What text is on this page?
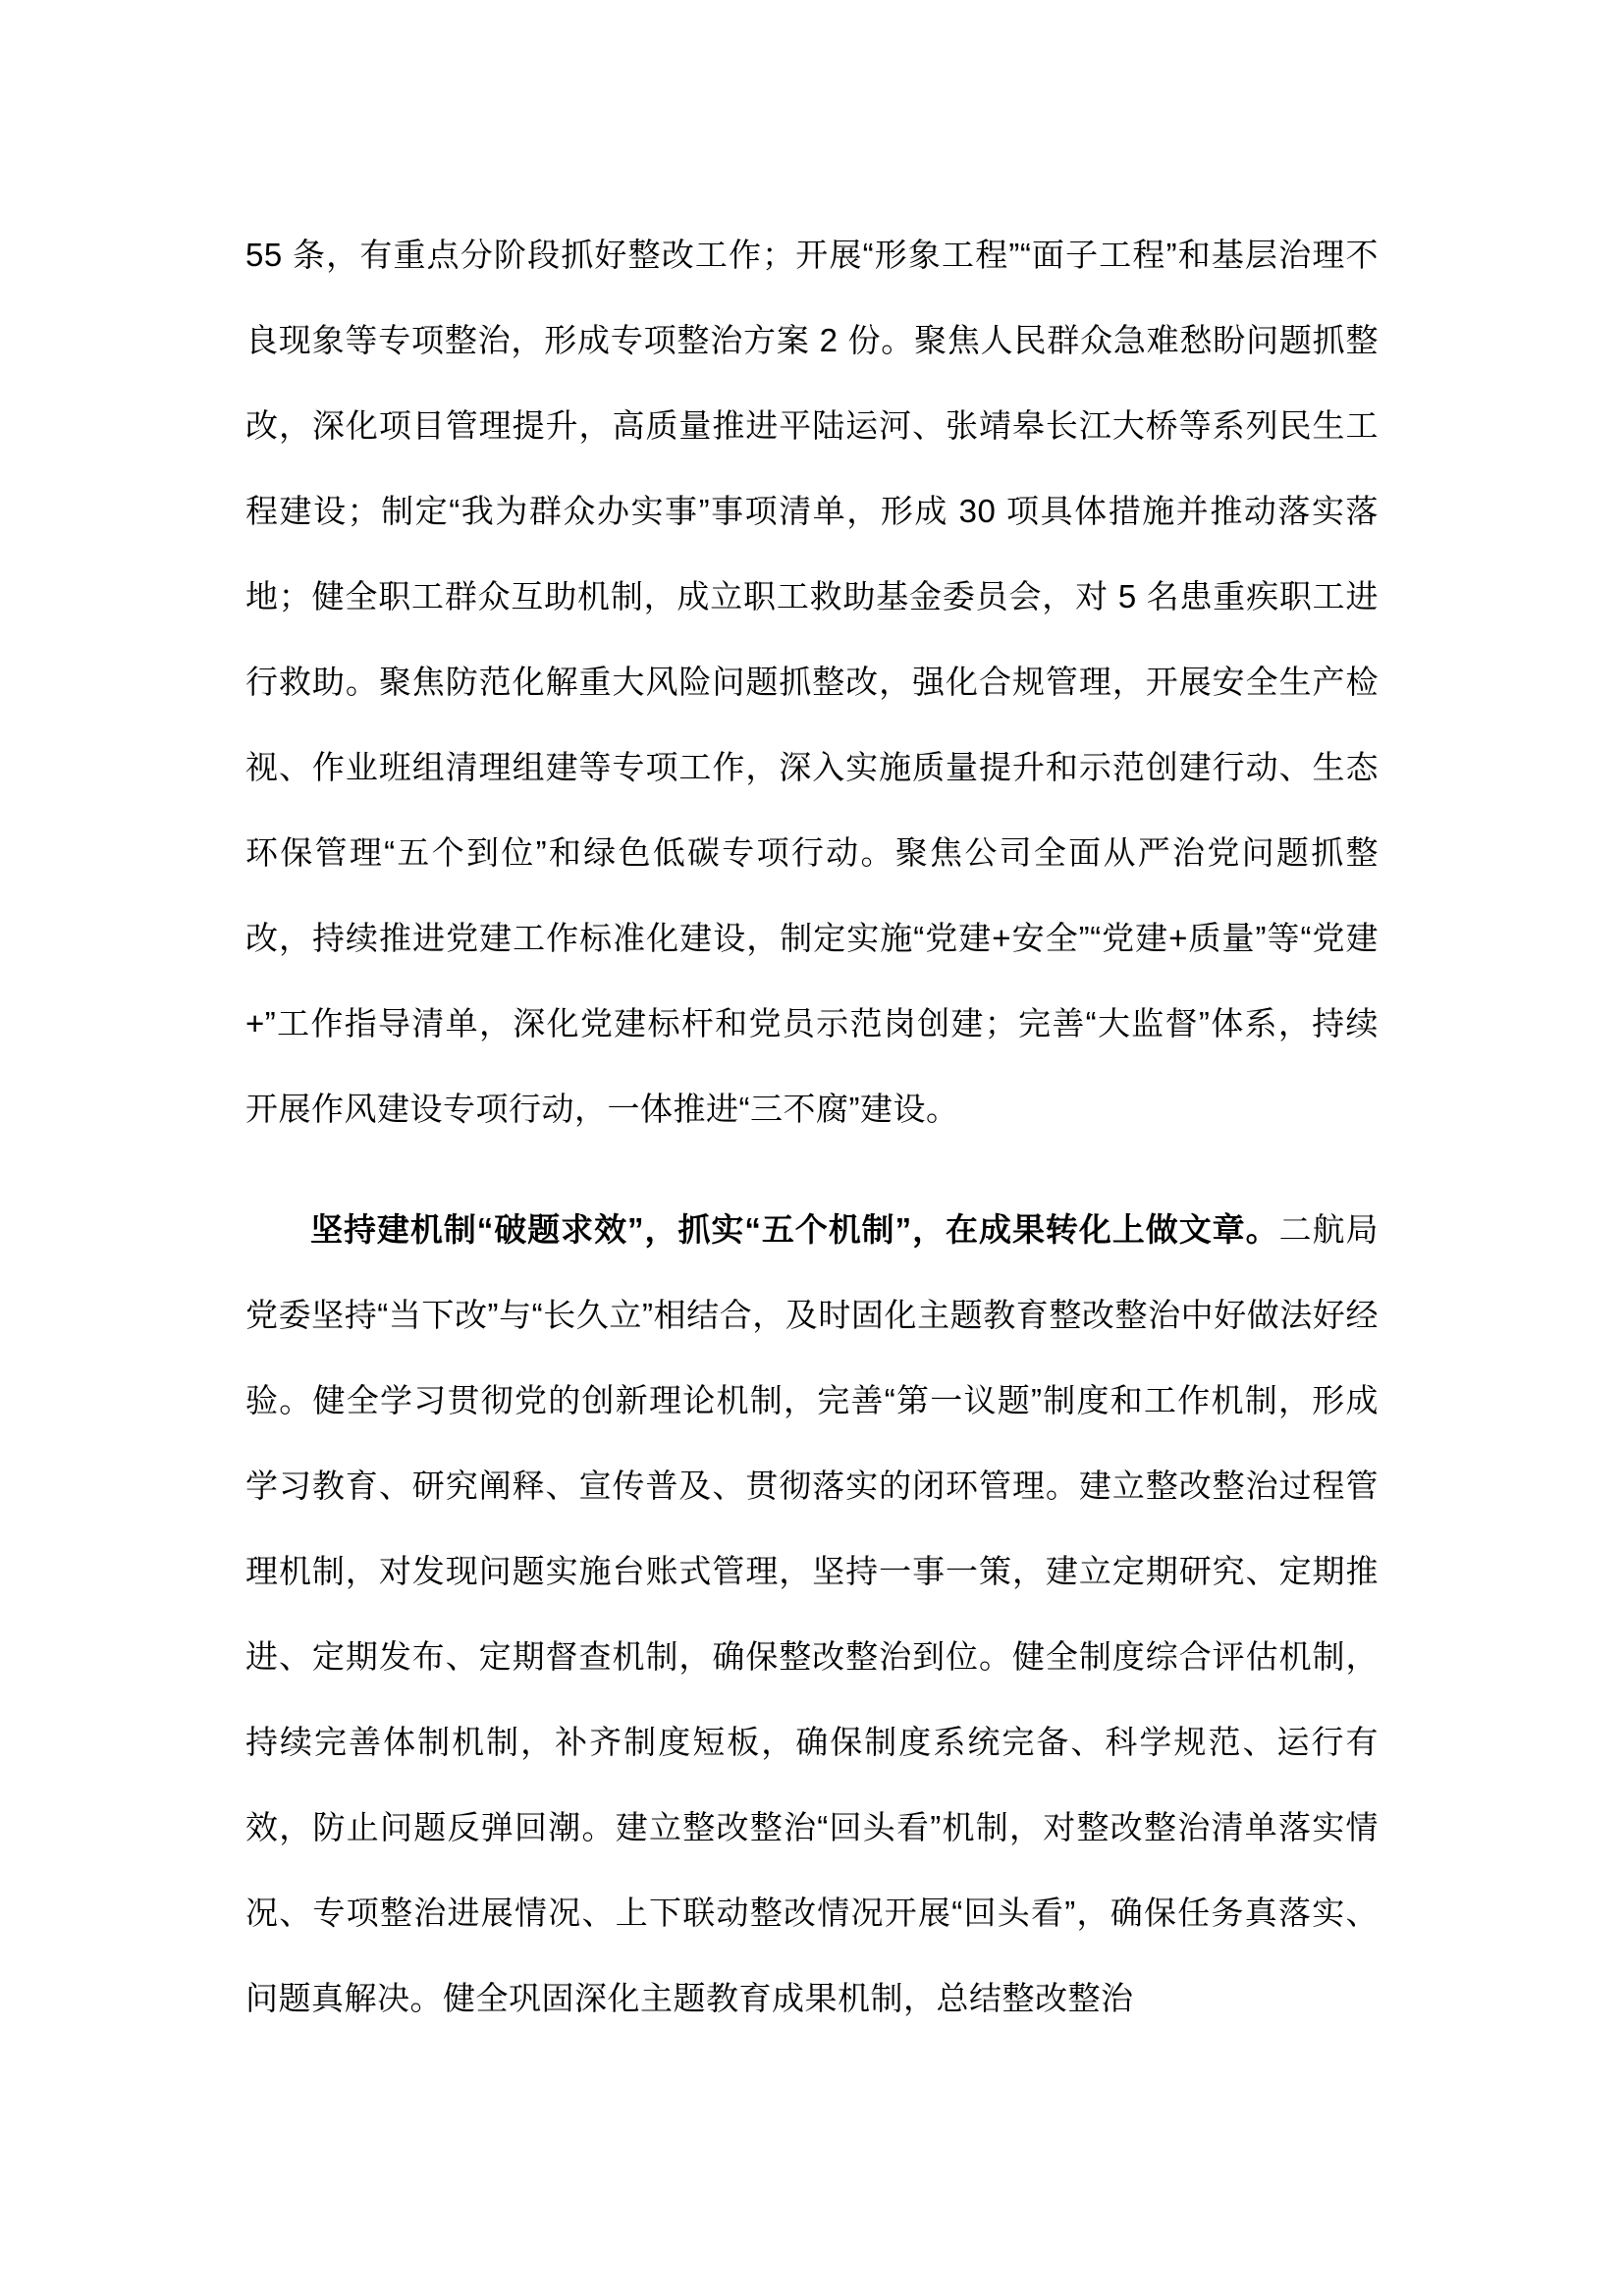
55 条，有重点分阶段抓好整改工作；开展“形象工程”“面子工程”和基层治理不良现象等专项整治，形成专项整治方案 2 份。聚焦人民群众急难愁盼问题抓整改，深化项目管理提升，高质量推进平陆运河、张靖皋长江大桥等系列民生工程建设；制定“我为群众办实事”事项清单，形成 30 项具体措施并推动落实落地；健全职工群众互助机制，成立职工救助基金委员会，对 5 名患重疾职工进行救助。聚焦防范化解重大风险问题抓整改，强化合规管理，开展安全生产检视、作业班组清理组建等专项工作，深入实施质量提升和示范创建行动、生态环保管理“五个到位”和绿色低碳专项行动。聚焦公司全面从严治党问题抓整改，持续推进党建工作标准化建设，制定实施“党建+安全”“党建+质量”等“党建+”工作指导清单，深化党建标杆和党员示范岗创建；完善“大监督”体系，持续开展作风建设专项行动，一体推进“三不腐”建设。

坚持建机制“破题求效”，抓实“五个机制”，在成果转化上做文章。二航局党委坚持“当下改”与“长久立”相结合，及时固化主题教育整改整治中好做法好经验。健全学习贯彻党的创新理论机制，完善“第一议题”制度和工作机制，形成学习教育、研究阐释、宣传普及、贯彻落实的闭环管理。建立整改整治过程管理机制，对发现问题实施台账式管理，坚持一事一策，建立定期研究、定期推进、定期发布、定期督查机制，确保整改整治到位。健全制度综合评估机制，持续完善体制机制，补齐制度短板，确保制度系统完备、科学规范、运行有效，防止问题反弹回潮。建立整改整治“回头看”机制，对整改整治清单落实情况、专项整治进展情况、上下联动整改情况开展“回头看”，确保任务真落实、问题真解决。健全巩固深化主题教育成果机制，总结整改整治
